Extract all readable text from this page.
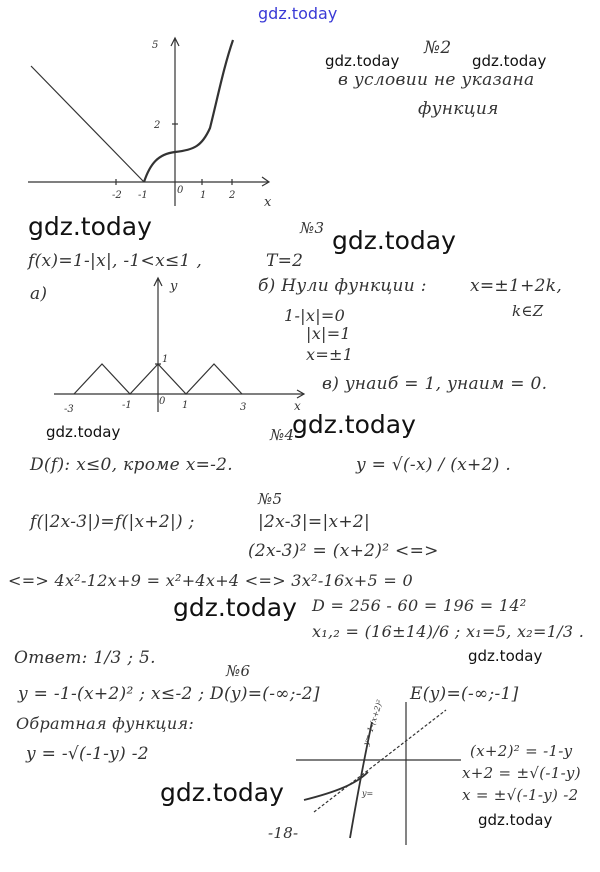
gdz.today
gdz.today	gdz.today
gdz.today	gdz.today
gdz.today
gdz.today
gdz.today
gdz.today
gdz.today
gdz.today
5
2
-2 -1	0 1 2 x
№2
в условии не указана
функция
№3
f(x)=1-|x|, -1<x≤1 ,	T=2
а)	y
1
-3	-1	0 1	3	x
б) Нули функции :	x=±1+2k,
k∈Z
1-|x|=0
|x|=1
x=±1
в) yнаиб = 1, yнаим = 0.
№4
D(f): x≤0, кроме x=-2.	y = √(-x) / (x+2) .
№5
f(|2x-3|)=f(|x+2|) ;	|2x-3|=|x+2|
(2x-3)² = (x+2)² <=>
<=> 4x²-12x+9 = x²+4x+4 <=> 3x²-16x+5 = 0
D = 256 - 60 = 196 = 14²
x₁,₂ = (16±14)/6 ; x₁=5, x₂=1/3 .
Ответ: 1/3 ; 5.
№6
y = -1-(x+2)² ; x≤-2 ; D(y)=(-∞;-2]	E(y)=(-∞;-1]
Обратная функция:
y = -√(-1-y) -2
y=-1-(x+2)²
y=
(x+2)² = -1-y
x+2 = ±√(-1-y)
x = ±√(-1-y) -2
-18-
